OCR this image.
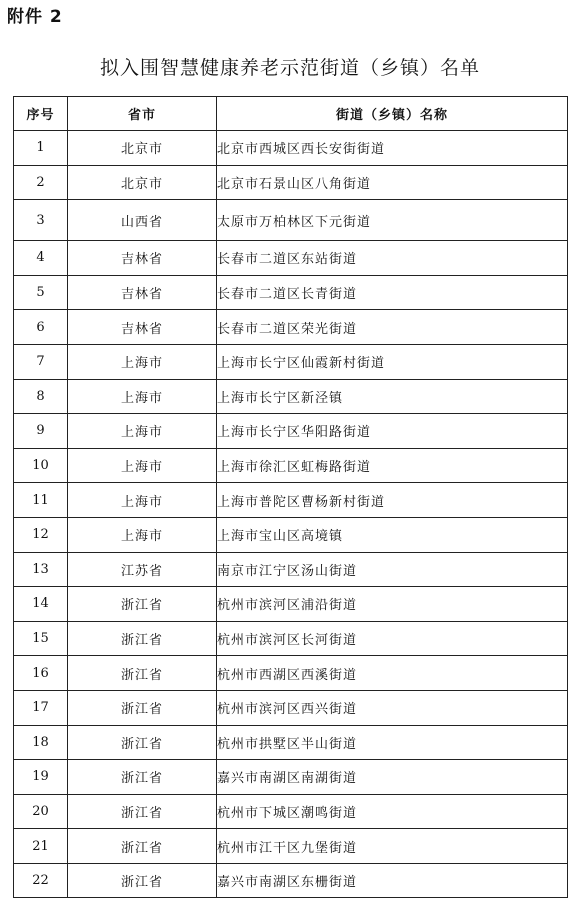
附件 2
拟入围智慧健康养老示范街道（乡镇）名单
序号	省市	街道（乡镇）名称
1	北京市	北京市西城区西长安街街道
2	北京市	北京市石景山区八角街道
3	山西省	太原市万柏林区下元街道
4	吉林省	长春市二道区东站街道
5	吉林省	长春市二道区长青街道
6	吉林省	长春市二道区荣光街道
7	上海市	上海市长宁区仙霞新村街道
8	上海市	上海市长宁区新泾镇
9	上海市	上海市长宁区华阳路街道
10	上海市	上海市徐汇区虹梅路街道
11	上海市	上海市普陀区曹杨新村街道
12	上海市	上海市宝山区高境镇
13	江苏省	南京市江宁区汤山街道
14	浙江省	杭州市滨河区浦沿街道
15	浙江省	杭州市滨河区长河街道
16	浙江省	杭州市西湖区西溪街道
17	浙江省	杭州市滨河区西兴街道
18	浙江省	杭州市拱墅区半山街道
19	浙江省	嘉兴市南湖区南湖街道
20	浙江省	杭州市下城区潮鸣街道
21	浙江省	杭州市江干区九堡街道
22	浙江省	嘉兴市南湖区东栅街道
